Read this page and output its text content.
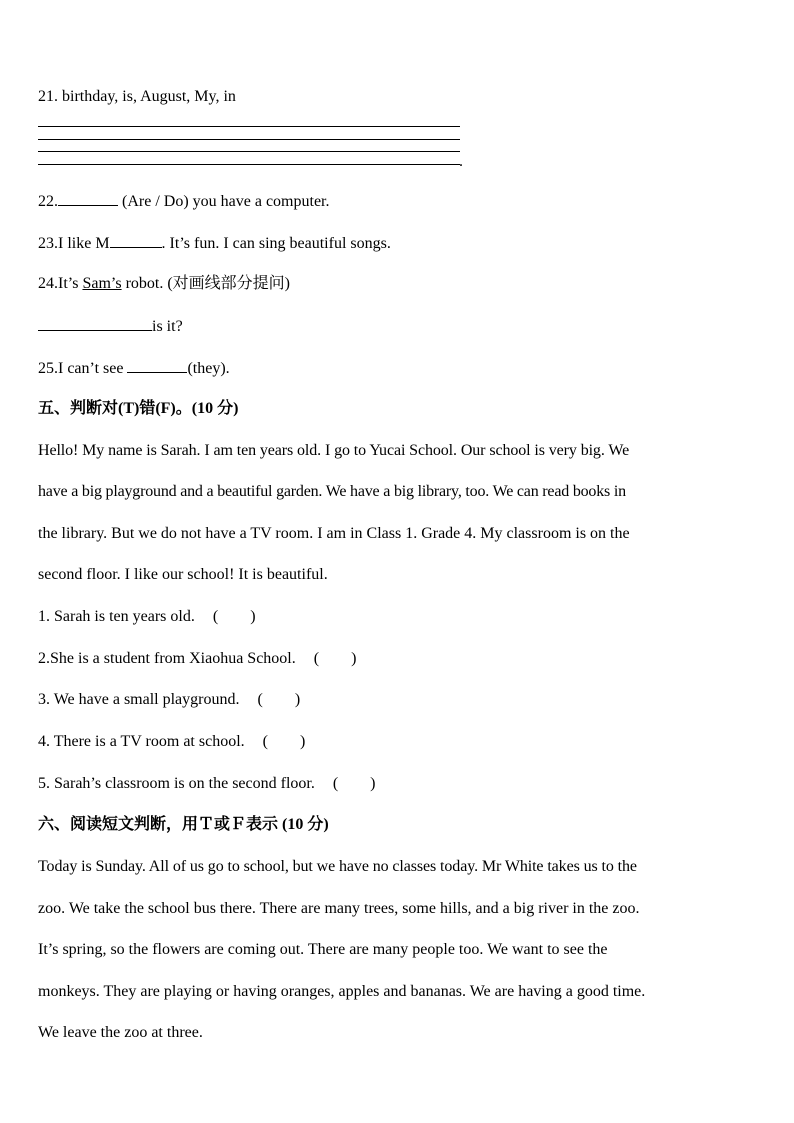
21. birthday, is, August, My, in
.
22.	(Are / Do) you have a computer.
23.I like M	. It’s fun. I can sing beautiful songs.
24.It’s Sam’s robot. (对画线部分提问)
is it?
25.I can’t see	(they).
五、判断对(T)错(F)。(10 分)
Hello! My name is Sarah. I am ten years old. I go to Yucai School. Our school is very big. We
have a big playground and a beautiful garden. We have a big library, too. We can read books in
the library. But we do not have a TV room. I am in Class 1. Grade 4. My classroom is on the
second floor. I like our school! It is beautiful.
1. Sarah is ten years old. (        )
2.She is a student from Xiaohua School. (        )
3. We have a small playground. (        )
4. There is a TV room at school. (        )
5. Sarah’s classroom is on the second floor. (        )
六、阅读短文判断，用Ｔ或Ｆ表示 (10 分)
Today is Sunday. All of us go to school, but we have no classes today. Mr White takes us to the
zoo. We take the school bus there. There are many trees, some hills, and a big river in the zoo.
It’s spring, so the flowers are coming out. There are many people too. We want to see the
monkeys. They are playing or having oranges, apples and bananas. We are having a good time.
We leave the zoo at three.
